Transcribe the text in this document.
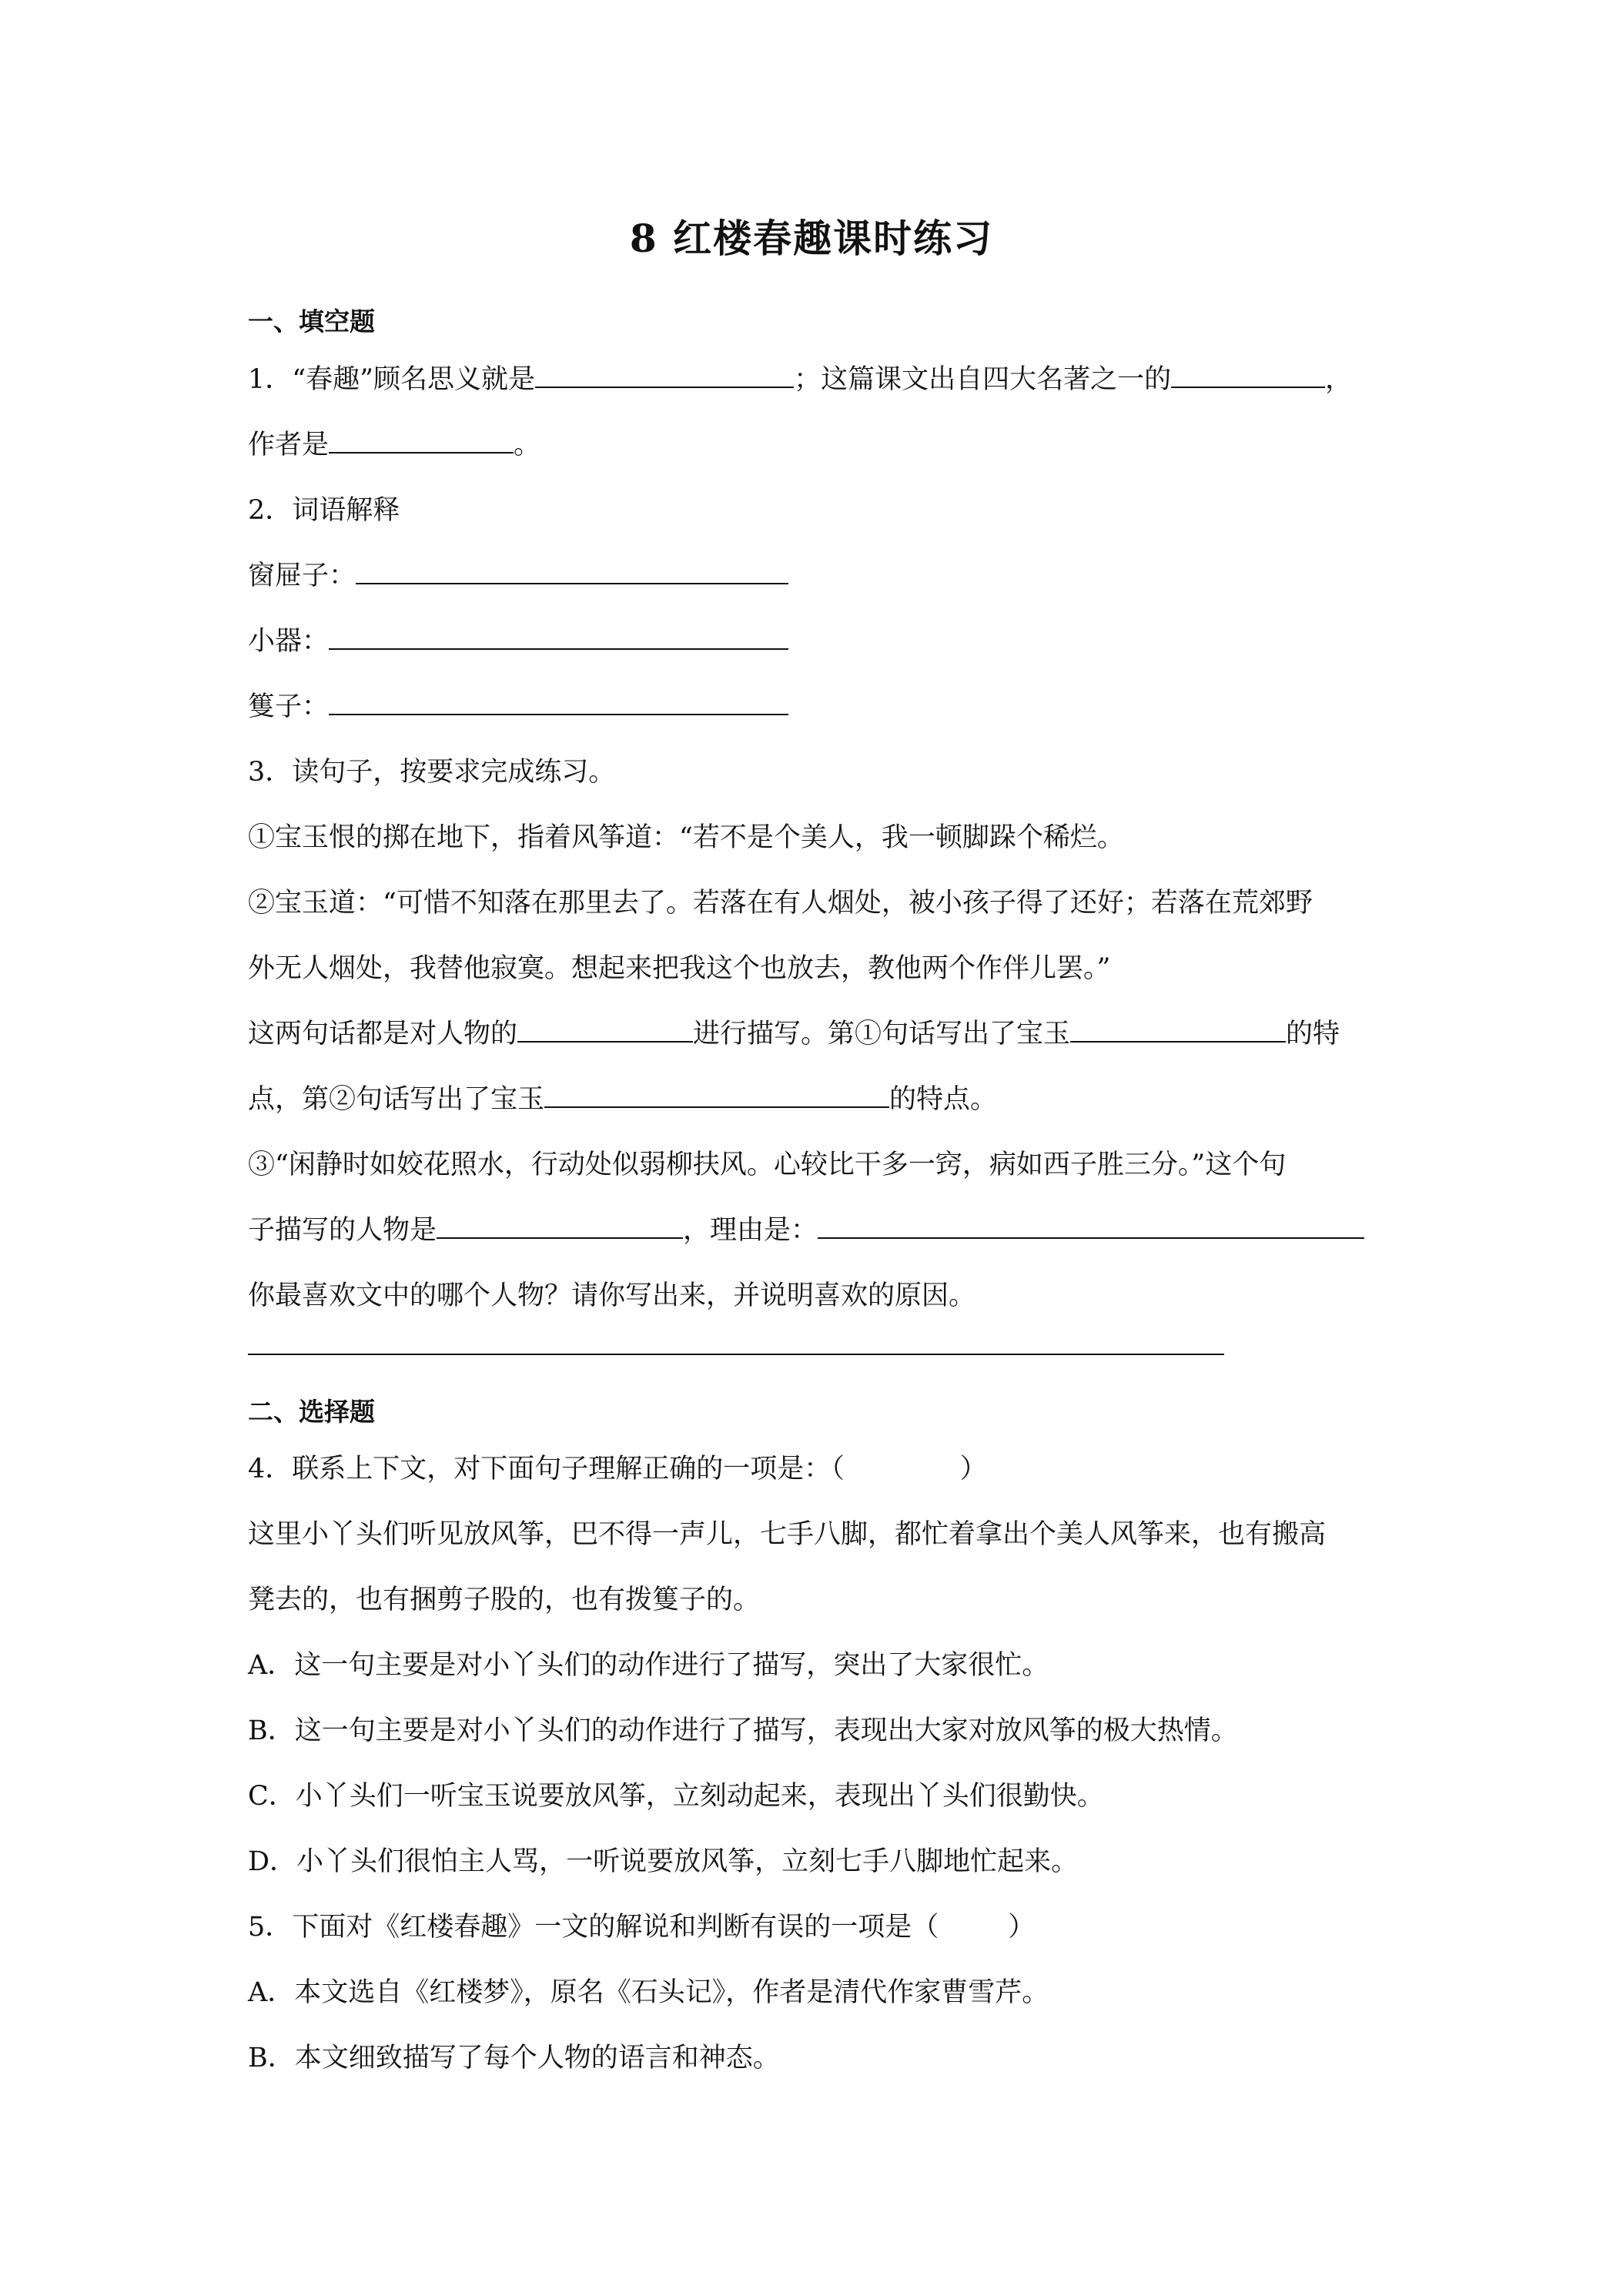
8 红楼春趣课时练习
一、填空题
1．“春趣”顾名思义就是	；这篇课文出自四大名著之一的	，
作者是	。
2．词语解释
窗屉子：
小器：
篗子：
3．读句子，按要求完成练习。
①宝玉恨的掷在地下，指着风筝道：“若不是个美人，我一顿脚跺个稀烂。
②宝玉道：“可惜不知落在那里去了。若落在有人烟处，被小孩子得了还好；若落在荒郊野
外无人烟处，我替他寂寞。想起来把我这个也放去，教他两个作伴儿罢。”
这两句话都是对人物的	进行描写。第①句话写出了宝玉	的特
点，第②句话写出了宝玉	的特点。
③“闲静时如姣花照水，行动处似弱柳扶风。心较比干多一窍，病如西子胜三分。”这个句
子描写的人物是	，理由是：
你最喜欢文中的哪个人物？请你写出来，并说明喜欢的原因。
二、选择题
4．联系上下文，对下面句子理解正确的一项是：（	）
这里小丫头们听见放风筝，巴不得一声儿，七手八脚，都忙着拿出个美人风筝来，也有搬高
凳去的，也有捆剪子股的，也有拨篗子的。
A．这一句主要是对小丫头们的动作进行了描写，突出了大家很忙。
B．这一句主要是对小丫头们的动作进行了描写，表现出大家对放风筝的极大热情。
C．小丫头们一听宝玉说要放风筝，立刻动起来，表现出丫头们很勤快。
D．小丫头们很怕主人骂，一听说要放风筝，立刻七手八脚地忙起来。
5．下面对《红楼春趣》一文的解说和判断有误的一项是（	）
A．本文选自《红楼梦》，原名《石头记》，作者是清代作家曹雪芹。
B．本文细致描写了每个人物的语言和神态。
